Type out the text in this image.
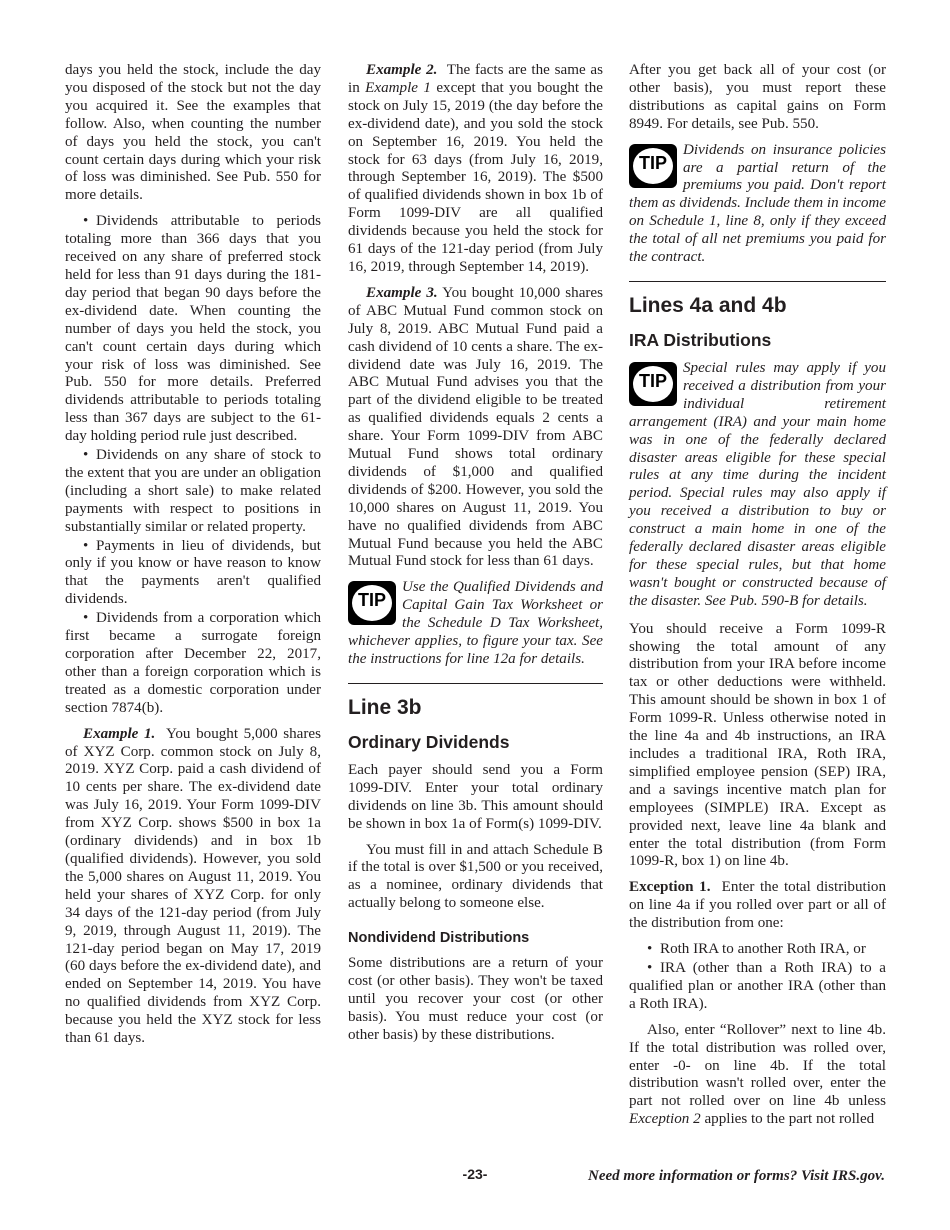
days you held the stock, include the day you disposed of the stock but not the day you acquired it. See the examples that follow. Also, when counting the number of days you held the stock, you can't count certain days during which your risk of loss was diminished. See Pub. 550 for more details.

• Dividends attributable to periods totaling more than 366 days that you received on any share of preferred stock held for less than 91 days during the 181-day period that began 90 days before the ex-dividend date. When counting the number of days you held the stock, you can't count certain days during which your risk of loss was diminished. See Pub. 550 for more details. Preferred dividends attributable to periods totaling less than 367 days are subject to the 61-day holding period rule just described.

• Dividends on any share of stock to the extent that you are under an obligation (including a short sale) to make related payments with respect to positions in substantially similar or related property.

• Payments in lieu of dividends, but only if you know or have reason to know that the payments aren't qualified dividends.

• Dividends from a corporation which first became a surrogate foreign corporation after December 22, 2017, other than a foreign corporation which is treated as a domestic corporation under section 7874(b).

Example 1. You bought 5,000 shares of XYZ Corp. common stock on July 8, 2019. XYZ Corp. paid a cash dividend of 10 cents per share. The ex-dividend date was July 16, 2019. Your Form 1099-DIV from XYZ Corp. shows $500 in box 1a (ordinary dividends) and in box 1b (qualified dividends). However, you sold the 5,000 shares on August 11, 2019. You held your shares of XYZ Corp. for only 34 days of the 121-day period (from July 9, 2019, through August 11, 2019). The 121-day period began on May 17, 2019 (60 days before the ex-dividend date), and ended on September 14, 2019. You have no qualified dividends from XYZ Corp. because you held the XYZ stock for less than 61 days.

Example 2. The facts are the same as in Example 1 except that you bought the stock on July 15, 2019 (the day before the ex-dividend date), and you sold the stock on September 16, 2019. You held the stock for 63 days (from July 16, 2019, through September 16, 2019). The $500 of qualified dividends shown in box 1b of Form 1099-DIV are all qualified dividends because you held the stock for 61 days of the 121-day period (from July 16, 2019, through September 14, 2019).

Example 3. You bought 10,000 shares of ABC Mutual Fund common stock on July 8, 2019. ABC Mutual Fund paid a cash dividend of 10 cents a share. The ex-dividend date was July 16, 2019. The ABC Mutual Fund advises you that the part of the dividend eligible to be treated as qualified dividends equals 2 cents a share. Your Form 1099-DIV from ABC Mutual Fund shows total ordinary dividends of $1,000 and qualified dividends of $200. However, you sold the 10,000 shares on August 11, 2019. You have no qualified dividends from ABC Mutual Fund because you held the ABC Mutual Fund stock for less than 61 days.

TIP
Use the Qualified Dividends and Capital Gain Tax Worksheet or the Schedule D Tax Worksheet, whichever applies, to figure your tax. See the instructions for line 12a for details.
Line 3b
Ordinary Dividends

Each payer should send you a Form 1099-DIV. Enter your total ordinary dividends on line 3b. This amount should be shown in box 1a of Form(s) 1099-DIV.

You must fill in and attach Schedule B if the total is over $1,500 or you received, as a nominee, ordinary dividends that actually belong to someone else.

Nondividend Distributions

Some distributions are a return of your cost (or other basis). They won't be taxed until you recover your cost (or other basis). You must reduce your cost (or other basis) by these distributions.

After you get back all of your cost (or other basis), you must report these distributions as capital gains on Form 8949. For details, see Pub. 550.

TIP
Dividends on insurance policies are a partial return of the premiums you paid. Don't report them as dividends. Include them in income on Schedule 1, line 8, only if they exceed the total of all net premiums you paid for the contract.
Lines 4a and 4b
IRA Distributions
TIP
Special rules may apply if you received a distribution from your individual retirement arrangement (IRA) and your main home was in one of the federally declared disaster areas eligible for these special rules at any time during the incident period. Special rules may also apply if you received a distribution to buy or construct a main home in one of the federally declared disaster areas eligible for these special rules, but that home wasn't bought or constructed because of the disaster. See Pub. 590-B for details.

You should receive a Form 1099-R showing the total amount of any distribution from your IRA before income tax or other deductions were withheld. This amount should be shown in box 1 of Form 1099-R. Unless otherwise noted in the line 4a and 4b instructions, an IRA includes a traditional IRA, Roth IRA, simplified employee pension (SEP) IRA, and a savings incentive match plan for employees (SIMPLE) IRA. Except as provided next, leave line 4a blank and enter the total distribution (from Form 1099-R, box 1) on line 4b.

Exception 1. Enter the total distribution on line 4a if you rolled over part or all of the distribution from one:

• Roth IRA to another Roth IRA, or

• IRA (other than a Roth IRA) to a qualified plan or another IRA (other than a Roth IRA).

Also, enter “Rollover” next to line 4b. If the total distribution was rolled over, enter -0- on line 4b. If the total distribution wasn't rolled over, enter the part not rolled over on line 4b unless Exception 2 applies to the part not rolled

-23-	Need more information or forms? Visit IRS.gov.
